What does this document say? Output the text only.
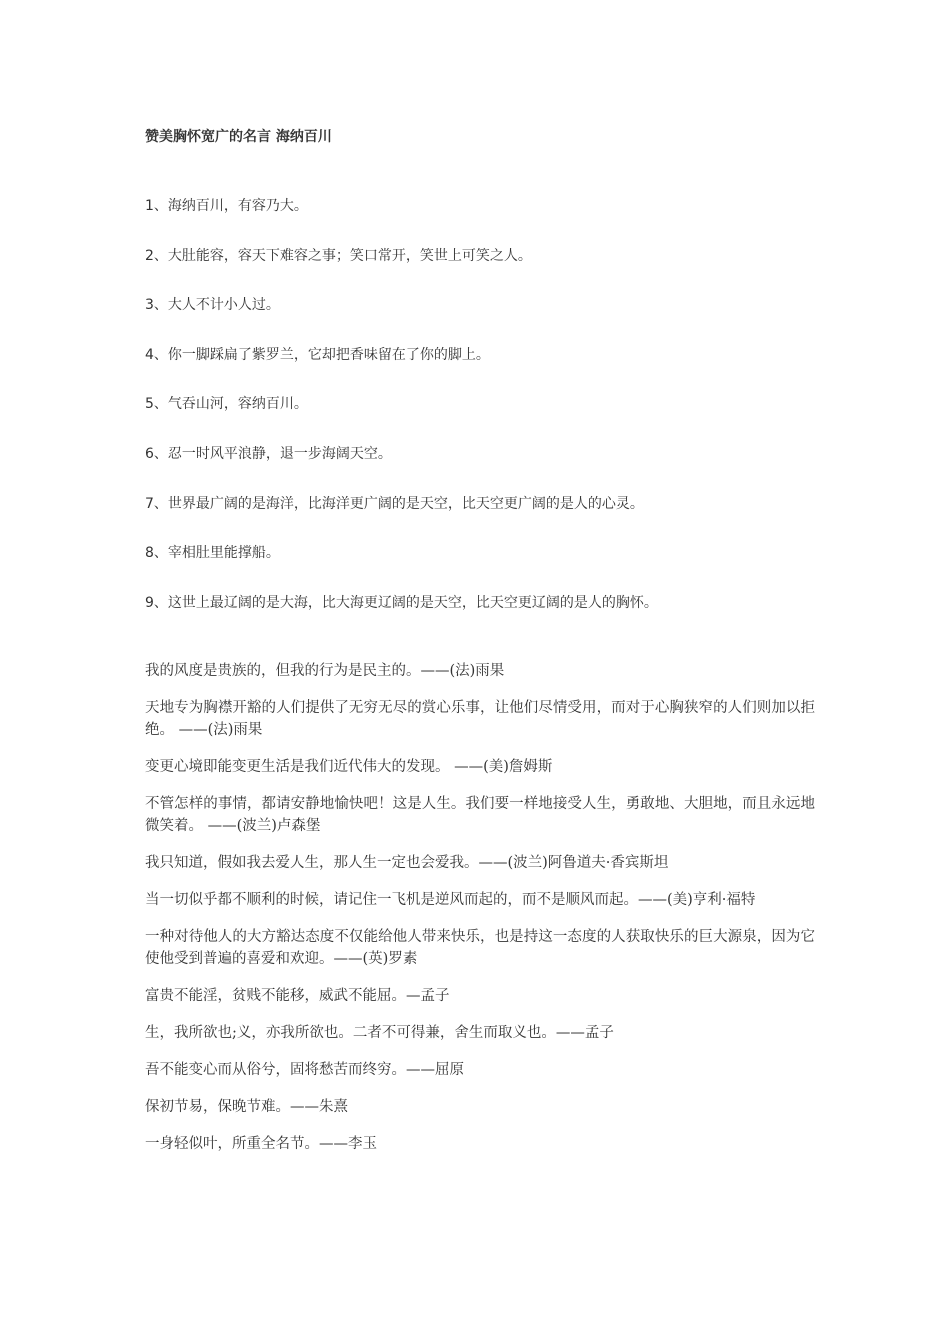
赞美胸怀宽广的名言 海纳百川
1、海纳百川，有容乃大。
2、大肚能容，容天下难容之事；笑口常开，笑世上可笑之人。
3、大人不计小人过。
4、你一脚踩扁了紫罗兰，它却把香味留在了你的脚上。
5、气吞山河，容纳百川。
6、忍一时风平浪静，退一步海阔天空。
7、世界最广阔的是海洋，比海洋更广阔的是天空，比天空更广阔的是人的心灵。
8、宰相肚里能撑船。
9、这世上最辽阔的是大海，比大海更辽阔的是天空，比天空更辽阔的是人的胸怀。

我的风度是贵族的，但我的行为是民主的。——(法)雨果

天地专为胸襟开豁的人们提供了无穷无尽的赏心乐事，让他们尽情受用，而对于心胸狭窄的人们则加以拒绝。 ——(法)雨果

变更心境即能变更生活是我们近代伟大的发现。 ——(美)詹姆斯

不管怎样的事情，都请安静地愉快吧！这是人生。我们要一样地接受人生，勇敢地、大胆地，而且永远地微笑着。 ——(波兰)卢森堡

我只知道，假如我去爱人生，那人生一定也会爱我。——(波兰)阿鲁道夫·香宾斯坦

当一切似乎都不顺利的时候，请记住一飞机是逆风而起的，而不是顺风而起。——(美)亨利·福特

一种对待他人的大方豁达态度不仅能给他人带来快乐，也是持这一态度的人获取快乐的巨大源泉，因为它使他受到普遍的喜爱和欢迎。——(英)罗素

富贵不能淫，贫贱不能移，威武不能屈。—孟子

生，我所欲也;义，亦我所欲也。二者不可得兼，舍生而取义也。——孟子

吾不能变心而从俗兮，固将愁苦而终穷。——屈原

保初节易，保晚节难。——朱熹

一身轻似叶，所重全名节。——李玉
